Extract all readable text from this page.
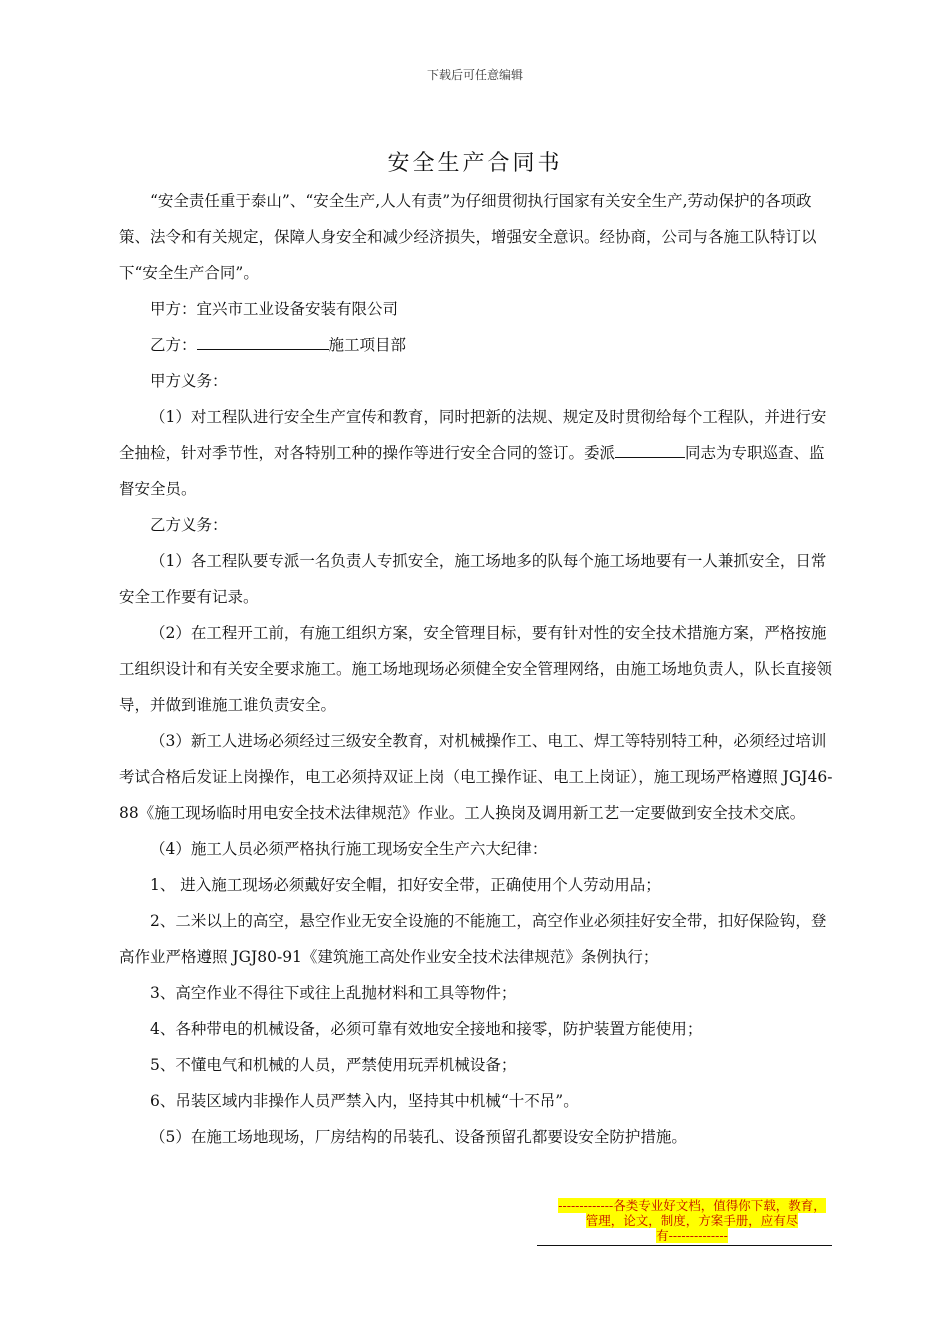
下载后可任意编辑
安全生产合同书

“安全责任重于泰山”、“安全生产,人人有责”为仔细贯彻执行国家有关安全生产,劳动保护的各项政策、法令和有关规定，保障人身安全和减少经济损失，增强安全意识。经协商，公司与各施工队特订以下“安全生产合同”。

甲方：宜兴市工业设备安装有限公司

乙方：	施工项目部

甲方义务：

（1）对工程队进行安全生产宣传和教育，同时把新的法规、规定及时贯彻给每个工程队，并进行安全抽检，针对季节性，对各特别工种的操作等进行安全合同的签订。委派	同志为专职巡查、监督安全员。

乙方义务：

（1）各工程队要专派一名负责人专抓安全，施工场地多的队每个施工场地要有一人兼抓安全，日常安全工作要有记录。

（2）在工程开工前，有施工组织方案，安全管理目标，要有针对性的安全技术措施方案，严格按施工组织设计和有关安全要求施工。施工场地现场必须健全安全管理网络，由施工场地负责人，队长直接领导，并做到谁施工谁负责安全。

（3）新工人进场必须经过三级安全教育，对机械操作工、电工、焊工等特别特工种，必须经过培训考试合格后发证上岗操作，电工必须持双证上岗（电工操作证、电工上岗证），施工现场严格遵照 JGJ46-88《施工现场临时用电安全技术法律规范》作业。工人换岗及调用新工艺一定要做到安全技术交底。

（4）施工人员必须严格执行施工现场安全生产六大纪律：

1、 进入施工现场必须戴好安全帽，扣好安全带，正确使用个人劳动用品；

2、二米以上的高空，悬空作业无安全设施的不能施工，高空作业必须挂好安全带，扣好保险钩，登高作业严格遵照 JGJ80-91《建筑施工高处作业安全技术法律规范》条例执行；

3、高空作业不得往下或往上乱抛材料和工具等物件；

4、各种带电的机械设备，必须可靠有效地安全接地和接零，防护装置方能使用；

5、不懂电气和机械的人员，严禁使用玩弄机械设备；

6、吊装区域内非操作人员严禁入内，坚持其中机械“十不吊”。

（5）在施工场地现场，厂房结构的吊装孔、设备预留孔都要设安全防护措施。

-------------各类专业好文档，值得你下载，教育，
管理，论文，制度，方案手册，应有尽
有--------------
